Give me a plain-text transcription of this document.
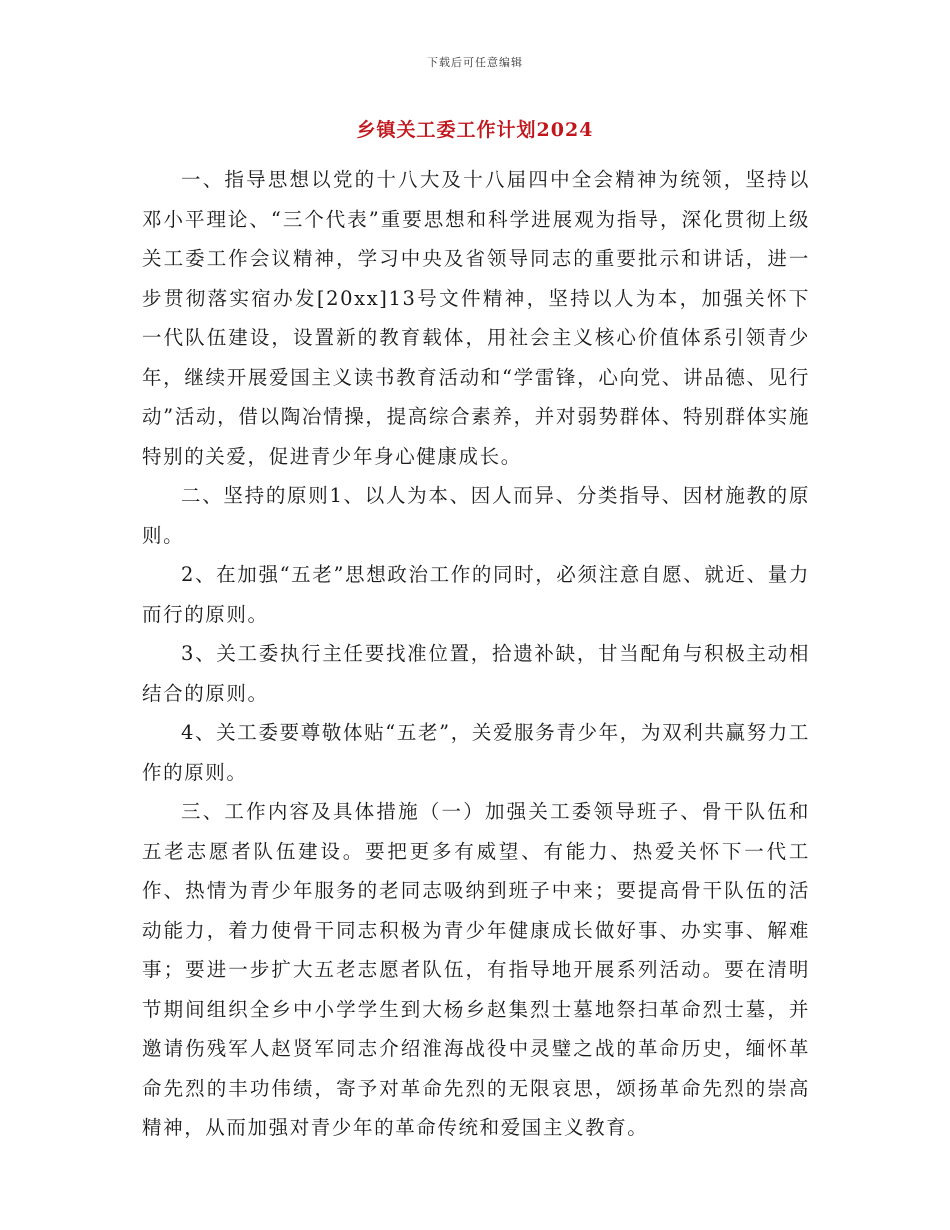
下载后可任意编辑
乡镇关工委工作计划2024

一、指导思想以党的十八大及十八届四中全会精神为统领，坚持以邓小平理论、“三个代表”重要思想和科学进展观为指导，深化贯彻上级关工委工作会议精神，学习中央及省领导同志的重要批示和讲话，进一步贯彻落实宿办发[20xx]13号文件精神，坚持以人为本，加强关怀下一代队伍建设，设置新的教育载体，用社会主义核心价值体系引领青少年，继续开展爱国主义读书教育活动和“学雷锋，心向党、讲品德、见行动”活动，借以陶冶情操，提高综合素养，并对弱势群体、特别群体实施特别的关爱，促进青少年身心健康成长。

二、坚持的原则1、以人为本、因人而异、分类指导、因材施教的原则。

2、在加强“五老”思想政治工作的同时，必须注意自愿、就近、量力而行的原则。

3、关工委执行主任要找准位置，拾遗补缺，甘当配角与积极主动相结合的原则。

4、关工委要尊敬体贴“五老”，关爱服务青少年，为双利共赢努力工作的原则。

三、工作内容及具体措施（一）加强关工委领导班子、骨干队伍和五老志愿者队伍建设。要把更多有威望、有能力、热爱关怀下一代工作、热情为青少年服务的老同志吸纳到班子中来；要提高骨干队伍的活动能力，着力使骨干同志积极为青少年健康成长做好事、办实事、解难事；要进一步扩大五老志愿者队伍，有指导地开展系列活动。要在清明节期间组织全乡中小学学生到大杨乡赵集烈士墓地祭扫革命烈士墓，并邀请伤残军人赵贤军同志介绍淮海战役中灵璧之战的革命历史，缅怀革命先烈的丰功伟绩，寄予对革命先烈的无限哀思，颂扬革命先烈的崇高精神，从而加强对青少年的革命传统和爱国主义教育。
